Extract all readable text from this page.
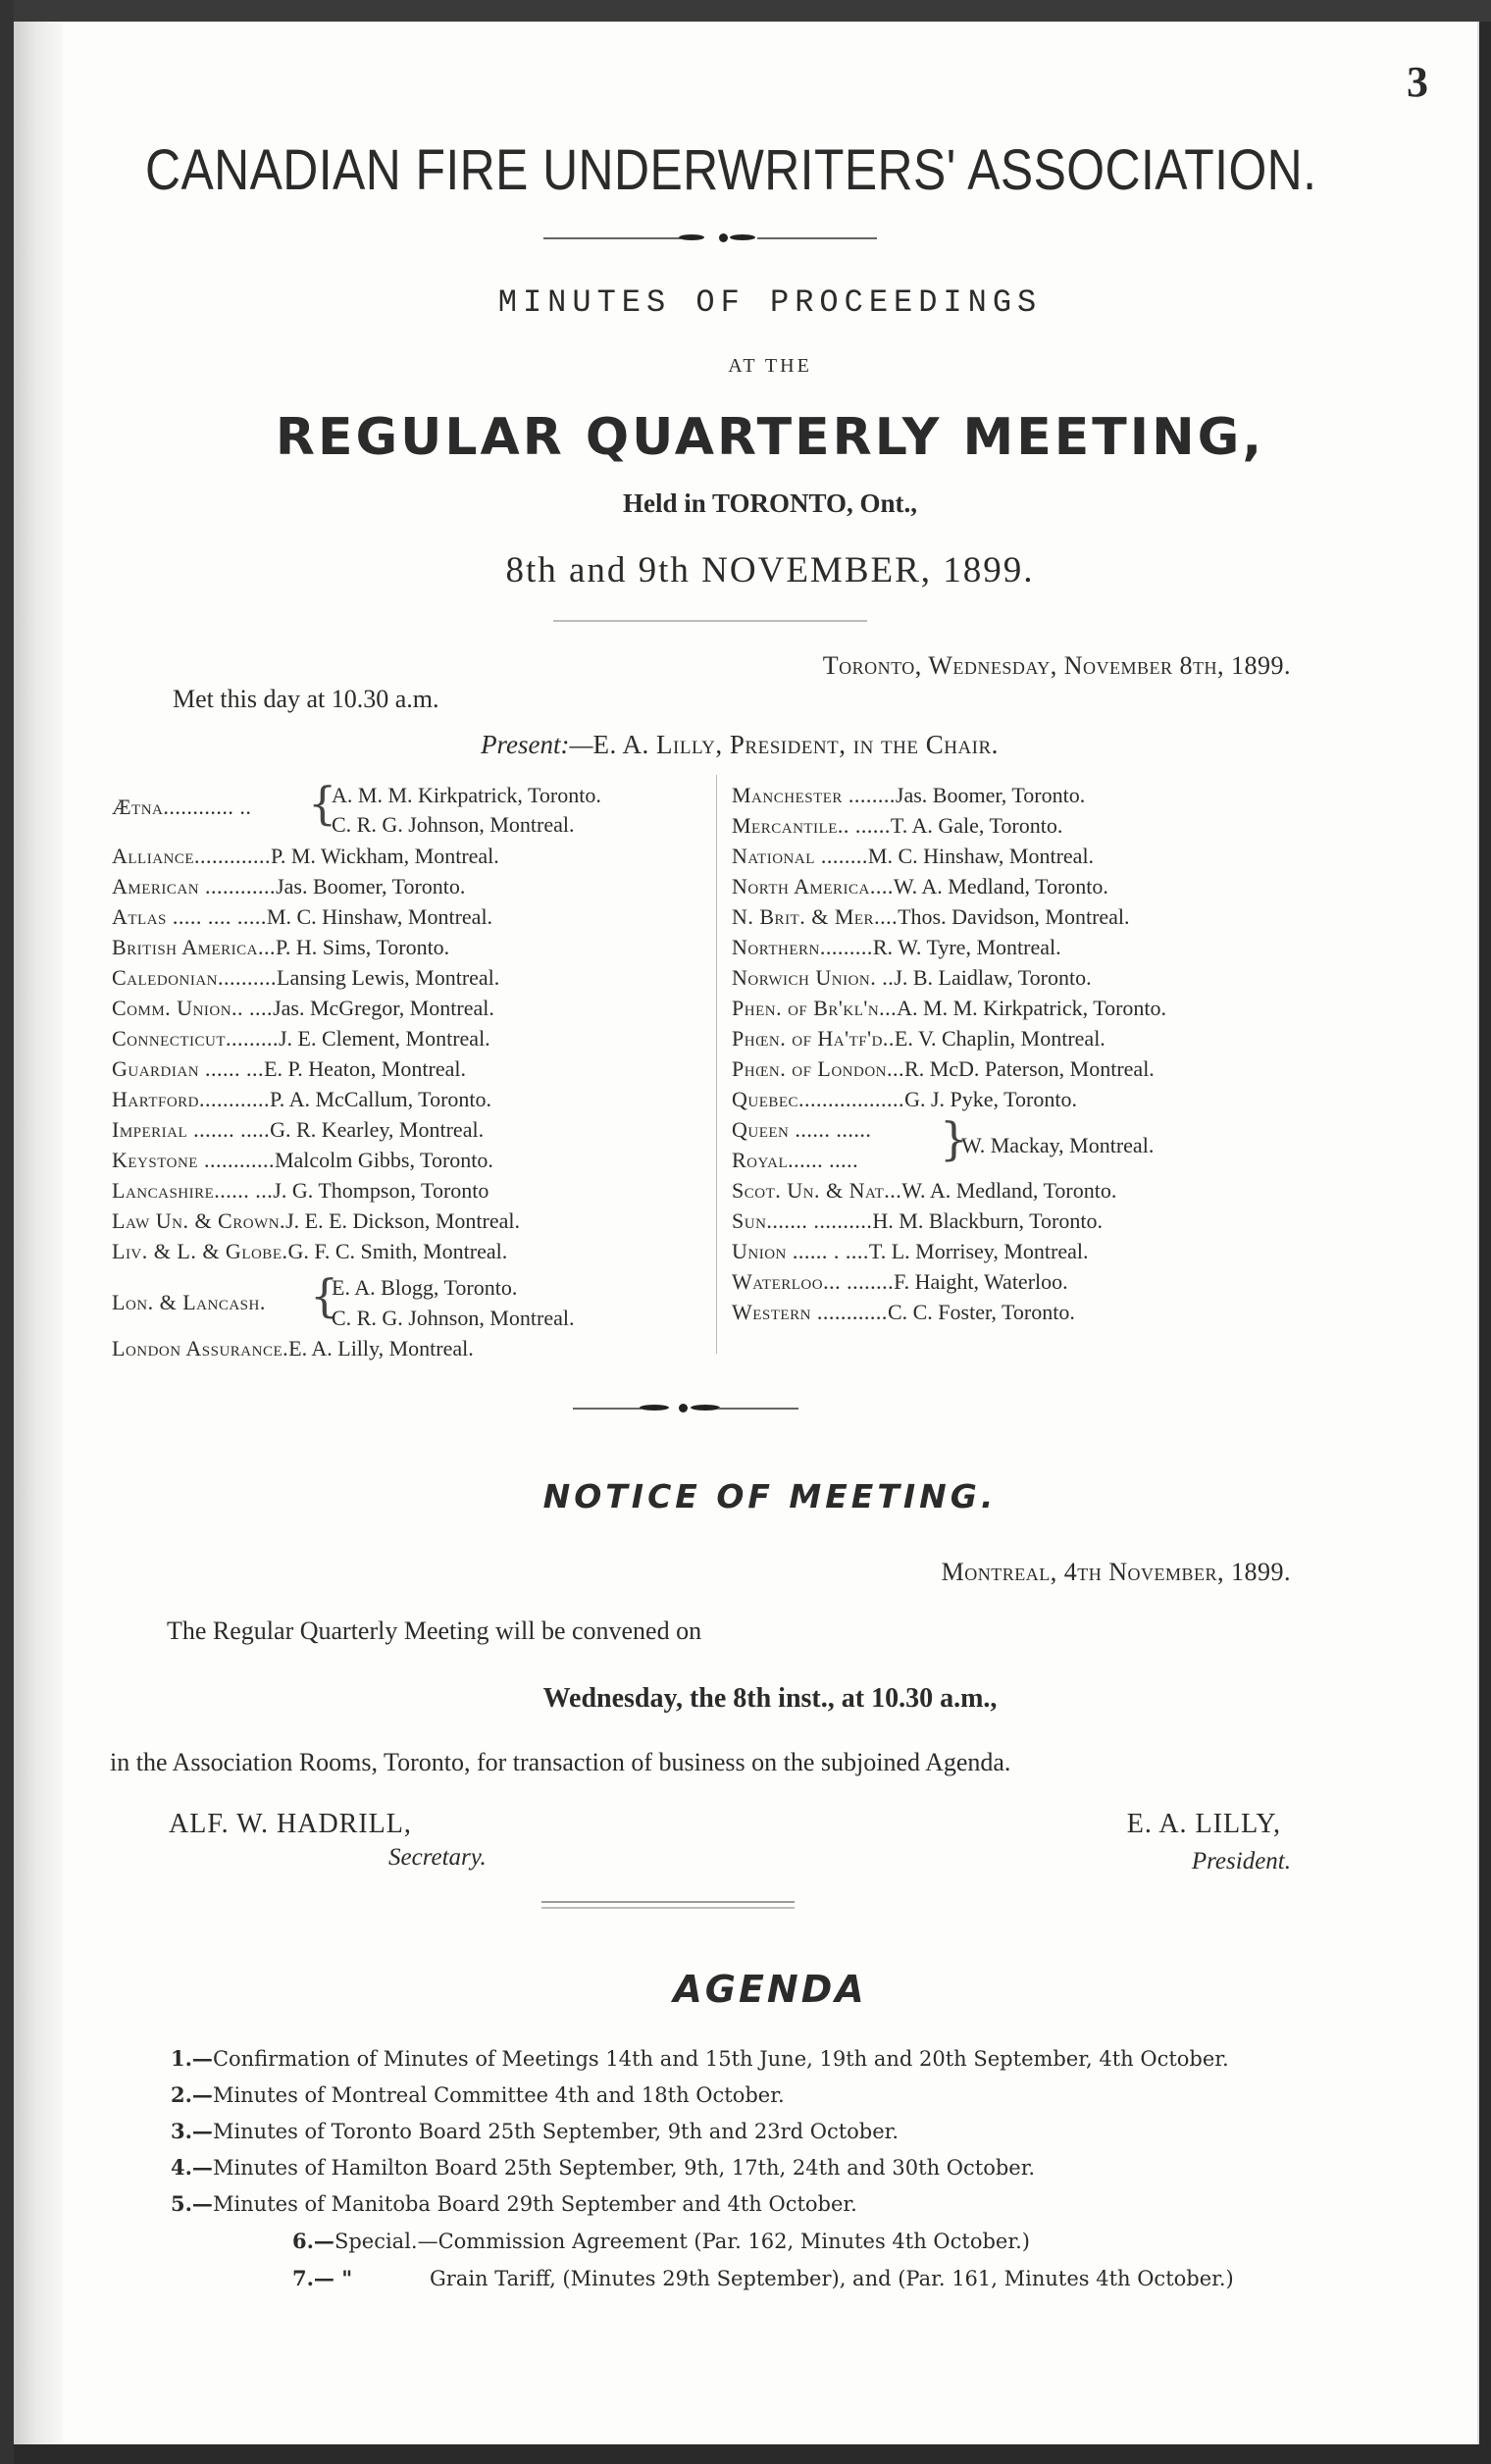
3
CANADIAN FIRE UNDERWRITERS' ASSOCIATION.
MINUTES OF PROCEEDINGS
AT THE
REGULAR QUARTERLY MEETING,
Held in TORONTO, Ont.,
8th and 9th NOVEMBER, 1899.
Toronto, Wednesday, November 8th, 1899.
Met this day at 10.30 a.m.
Present:—E. A. Lilly, President, in the Chair.
Ætna............ .. {
A. M. M. Kirkpatrick, Toronto.
C. R. G. Johnson, Montreal.
Alliance.............P. M. Wickham, Montreal.
American ............Jas. Boomer, Toronto.
Atlas ..... .... .....M. C. Hinshaw, Montreal.
British America...P. H. Sims, Toronto.
Caledonian..........Lansing Lewis, Montreal.
Comm. Union.. ....Jas. McGregor, Montreal.
Connecticut.........J. E. Clement, Montreal.
Guardian ...... ...E. P. Heaton, Montreal.
Hartford............P. A. McCallum, Toronto.
Imperial ....... .....G. R. Kearley, Montreal.
Keystone ............Malcolm Gibbs, Toronto.
Lancashire...... ...J. G. Thompson, Toronto
Law Un. & Crown.J. E. E. Dickson, Montreal.
Liv. & L. & Globe.G. F. C. Smith, Montreal.
Lon. & Lancash. {
E. A. Blogg, Toronto.
C. R. G. Johnson, Montreal.
London Assurance.E. A. Lilly, Montreal.
Manchester ........Jas. Boomer, Toronto.
Mercantile.. ......T. A. Gale, Toronto.
National ........M. C. Hinshaw, Montreal.
North America....W. A. Medland, Toronto.
N. Brit. & Mer....Thos. Davidson, Montreal.
Northern.........R. W. Tyre, Montreal.
Norwich Union. ..J. B. Laidlaw, Toronto.
Phen. of Br'kl'n...A. M. M. Kirkpatrick, Toronto.
Phœn. of Ha'tf'd..E. V. Chaplin, Montreal.
Phœn. of London...R. McD. Paterson, Montreal.
Quebec..................G. J. Pyke, Toronto.
Queen ...... ......
Royal...... ..... {
W. Mackay, Montreal.
Scot. Un. & Nat...W. A. Medland, Toronto.
Sun....... ..........H. M. Blackburn, Toronto.
Union ...... . ....T. L. Morrisey, Montreal.
Waterloo... ........F. Haight, Waterloo.
Western ............C. C. Foster, Toronto.
NOTICE OF MEETING.
Montreal, 4th November, 1899.
The Regular Quarterly Meeting will be convened on
Wednesday, the 8th inst., at 10.30 a.m.,
in the Association Rooms, Toronto, for transaction of business on the subjoined Agenda.
ALF. W. HADRILL,
Secretary.
E. A. LILLY,
President.
AGENDA
1.—Confirmation of Minutes of Meetings 14th and 15th June, 19th and 20th September, 4th October.
2.—Minutes of Montreal Committee 4th and 18th October.
3.—Minutes of Toronto Board 25th September, 9th and 23rd October.
4.—Minutes of Hamilton Board 25th September, 9th, 17th, 24th and 30th October.
5.—Minutes of Manitoba Board 29th September and 4th October.
6.—Special.—Commission Agreement (Par. 162, Minutes 4th October.)
7.— "	Grain Tariff, (Minutes 29th September), and (Par. 161, Minutes 4th October.)
